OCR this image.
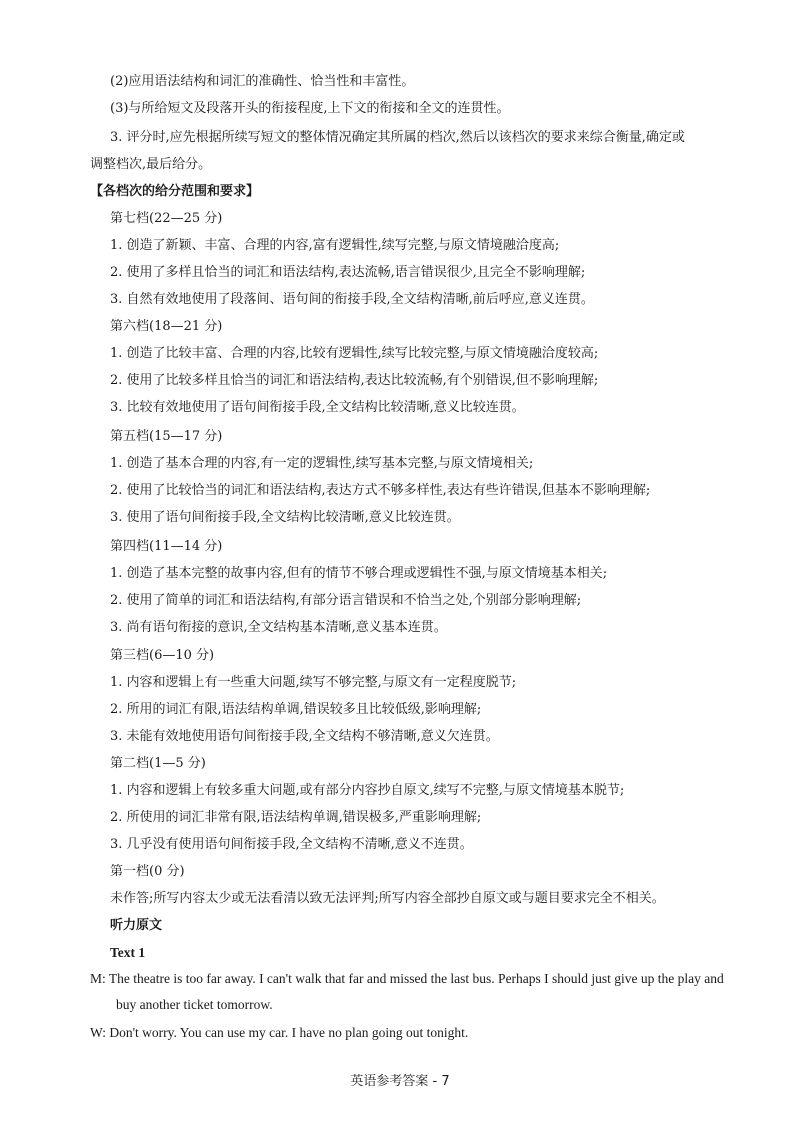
(2)应用语法结构和词汇的准确性、恰当性和丰富性。
(3)与所给短文及段落开头的衔接程度,上下文的衔接和全文的连贯性。
3. 评分时,应先根据所续写短文的整体情况确定其所属的档次,然后以该档次的要求来综合衡量,确定或
调整档次,最后给分。
【各档次的给分范围和要求】
第七档(22—25 分)
1. 创造了新颖、丰富、合理的内容,富有逻辑性,续写完整,与原文情境融洽度高;
2. 使用了多样且恰当的词汇和语法结构,表达流畅,语言错误很少,且完全不影响理解;
3. 自然有效地使用了段落间、语句间的衔接手段,全文结构清晰,前后呼应,意义连贯。
第六档(18—21 分)
1. 创造了比较丰富、合理的内容,比较有逻辑性,续写比较完整,与原文情境融洽度较高;
2. 使用了比较多样且恰当的词汇和语法结构,表达比较流畅,有个别错误,但不影响理解;
3. 比较有效地使用了语句间衔接手段,全文结构比较清晰,意义比较连贯。
第五档(15—17 分)
1. 创造了基本合理的内容,有一定的逻辑性,续写基本完整,与原文情境相关;
2. 使用了比较恰当的词汇和语法结构,表达方式不够多样性,表达有些许错误,但基本不影响理解;
3. 使用了语句间衔接手段,全文结构比较清晰,意义比较连贯。
第四档(11—14 分)
1. 创造了基本完整的故事内容,但有的情节不够合理或逻辑性不强,与原文情境基本相关;
2. 使用了简单的词汇和语法结构,有部分语言错误和不恰当之处,个别部分影响理解;
3. 尚有语句衔接的意识,全文结构基本清晰,意义基本连贯。
第三档(6—10 分)
1. 内容和逻辑上有一些重大问题,续写不够完整,与原文有一定程度脱节;
2. 所用的词汇有限,语法结构单调,错误较多且比较低级,影响理解;
3. 未能有效地使用语句间衔接手段,全文结构不够清晰,意义欠连贯。
第二档(1—5 分)
1. 内容和逻辑上有较多重大问题,或有部分内容抄自原文,续写不完整,与原文情境基本脱节;
2. 所使用的词汇非常有限,语法结构单调,错误极多,严重影响理解;
3. 几乎没有使用语句间衔接手段,全文结构不清晰,意义不连贯。
第一档(0 分)
未作答;所写内容太少或无法看清以致无法评判;所写内容全部抄自原文或与题目要求完全不相关。
听力原文
Text 1
M: The theatre is too far away. I can't walk that far and missed the last bus. Perhaps I should just give up the play and buy another ticket tomorrow.
W: Don't worry. You can use my car. I have no plan going out tonight.
英语参考答案 - 7
